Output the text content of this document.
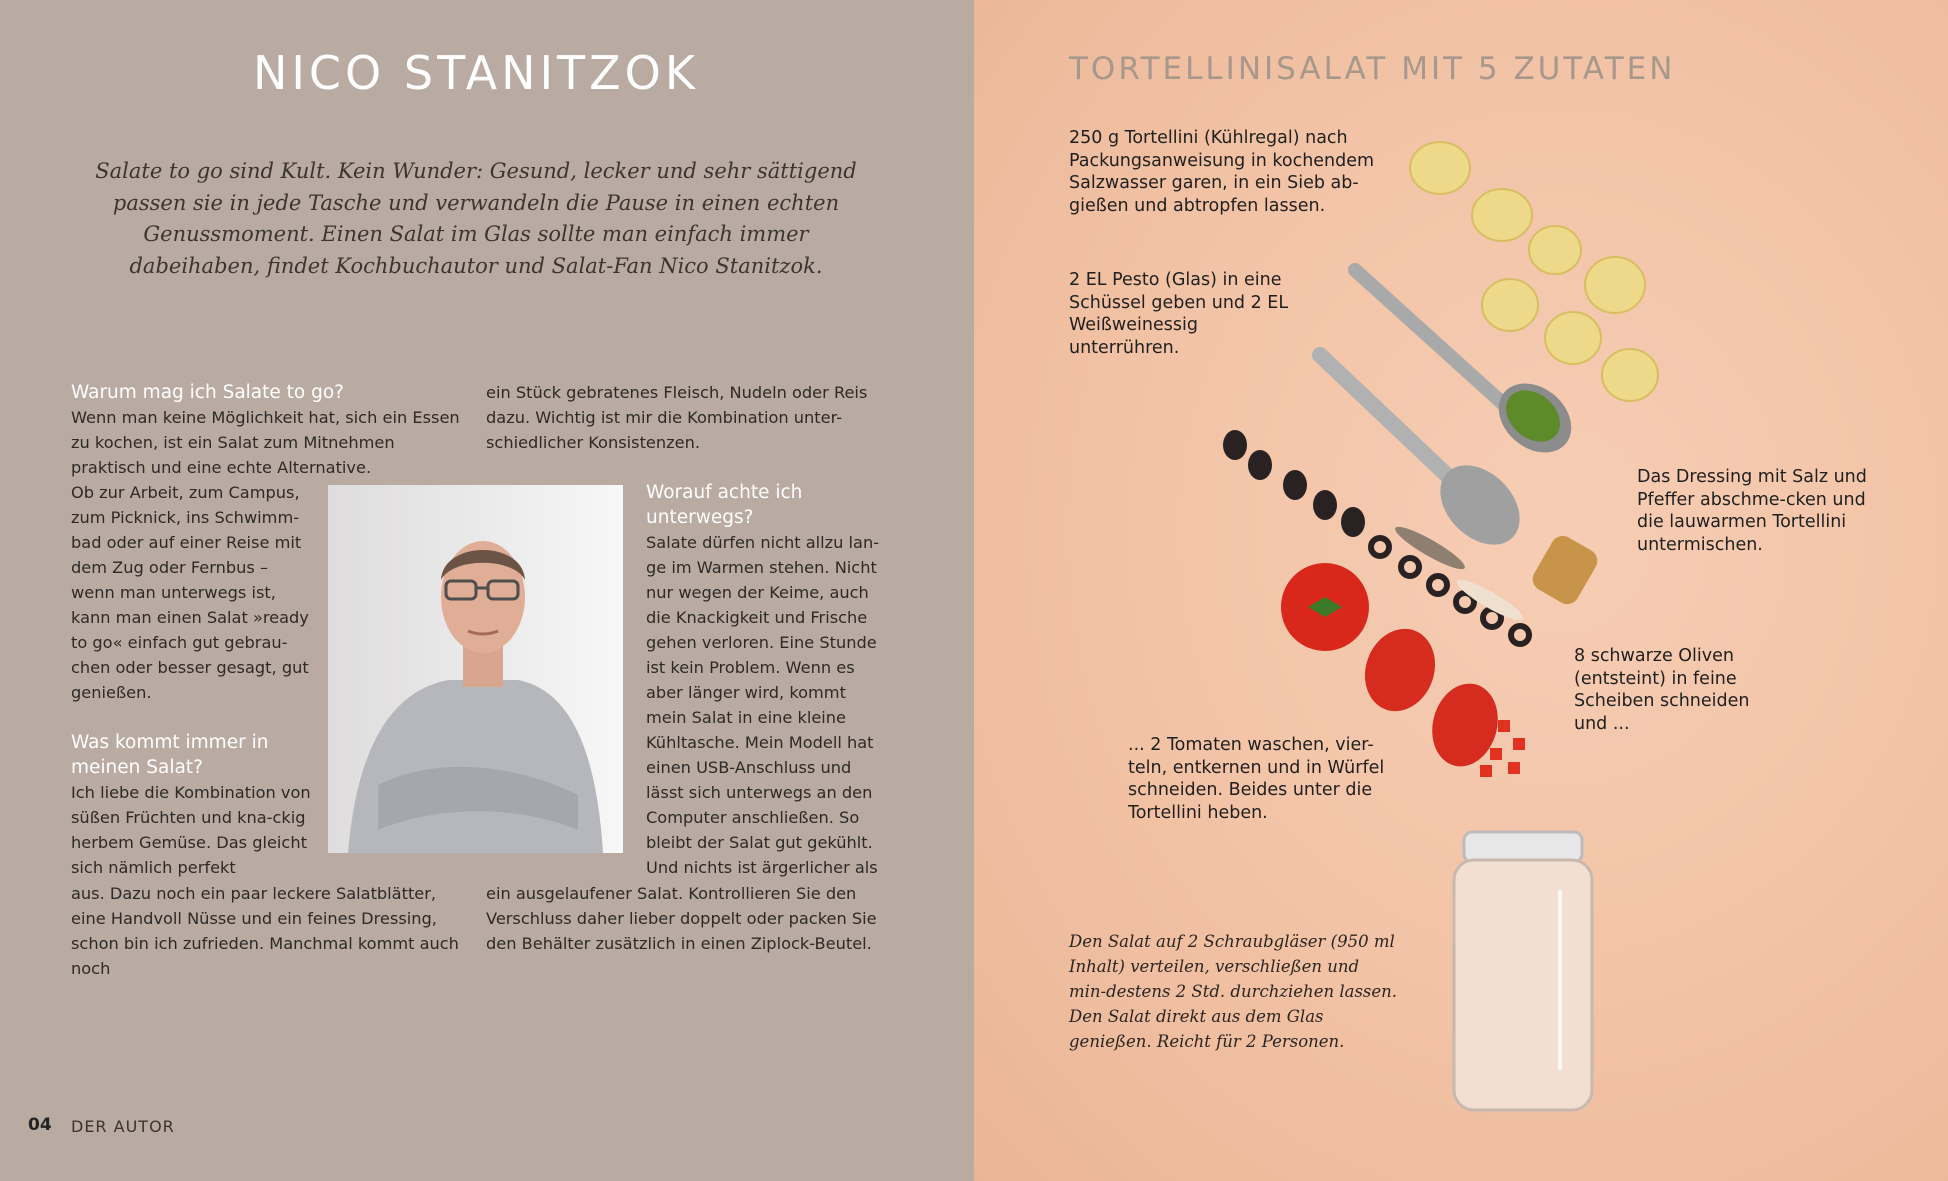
NICO STANITZOK

Salate to go sind Kult. Kein Wunder: Gesund, lecker und sehr sättigend passen sie in jede Tasche und verwandeln die Pause in einen echten Genussmoment. Einen Salat im Glas sollte man einfach immer dabeihaben, findet Kochbuchautor und Salat-Fan Nico Stanitzok.

Warum mag ich Salate to go?

Wenn man keine Möglichkeit hat, sich ein Essen zu kochen, ist ein Salat zum Mitnehmen praktisch und eine echte Alternative.

Ob zur Arbeit, zum Campus, zum Picknick, ins Schwimm-bad oder auf einer Reise mit dem Zug oder Fernbus – wenn man unterwegs ist, kann man einen Salat »ready to go« einfach gut gebrau-chen oder besser gesagt, gut genießen.

Was kommt immer in meinen Salat?

Ich liebe die Kombination von süßen Früchten und kna-ckig herbem Gemüse. Das gleicht sich nämlich perfekt

aus. Dazu noch ein paar leckere Salatblätter, eine Handvoll Nüsse und ein feines Dressing, schon bin ich zufrieden. Manchmal kommt auch noch

ein Stück gebratenes Fleisch, Nudeln oder Reis dazu. Wichtig ist mir die Kombination unter-schiedlicher Konsistenzen.

Worauf achte ich unterwegs?

Salate dürfen nicht allzu lan-ge im Warmen stehen. Nicht nur wegen der Keime, auch die Knackigkeit und Frische gehen verloren. Eine Stunde ist kein Problem. Wenn es aber länger wird, kommt mein Salat in eine kleine Kühltasche. Mein Modell hat einen USB-Anschluss und lässt sich unterwegs an den Computer anschließen. So bleibt der Salat gut gekühlt. Und nichts ist ärgerlicher als

ein ausgelaufener Salat. Kontrollieren Sie den Verschluss daher lieber doppelt oder packen Sie den Behälter zusätzlich in einen Ziplock-Beutel.

04 DER AUTOR
TORTELLINISALAT MIT 5 ZUTATEN

250 g Tortellini (Kühlregal) nach Packungsanweisung in kochendem Salzwasser garen, in ein Sieb ab-gießen und abtropfen lassen.

2 EL Pesto (Glas) in eine Schüssel geben und 2 EL Weißweinessig unterrühren.

Das Dressing mit Salz und Pfeffer abschme-cken und die lauwarmen Tortellini untermischen.

8 schwarze Oliven (entsteint) in feine Scheiben schneiden und ...

... 2 Tomaten waschen, vier-teln, entkernen und in Würfel schneiden. Beides unter die Tortellini heben.

Den Salat auf 2 Schraubgläser (950 ml Inhalt) verteilen, verschließen und min-destens 2 Std. durchziehen lassen. Den Salat direkt aus dem Glas genießen. Reicht für 2 Personen.
